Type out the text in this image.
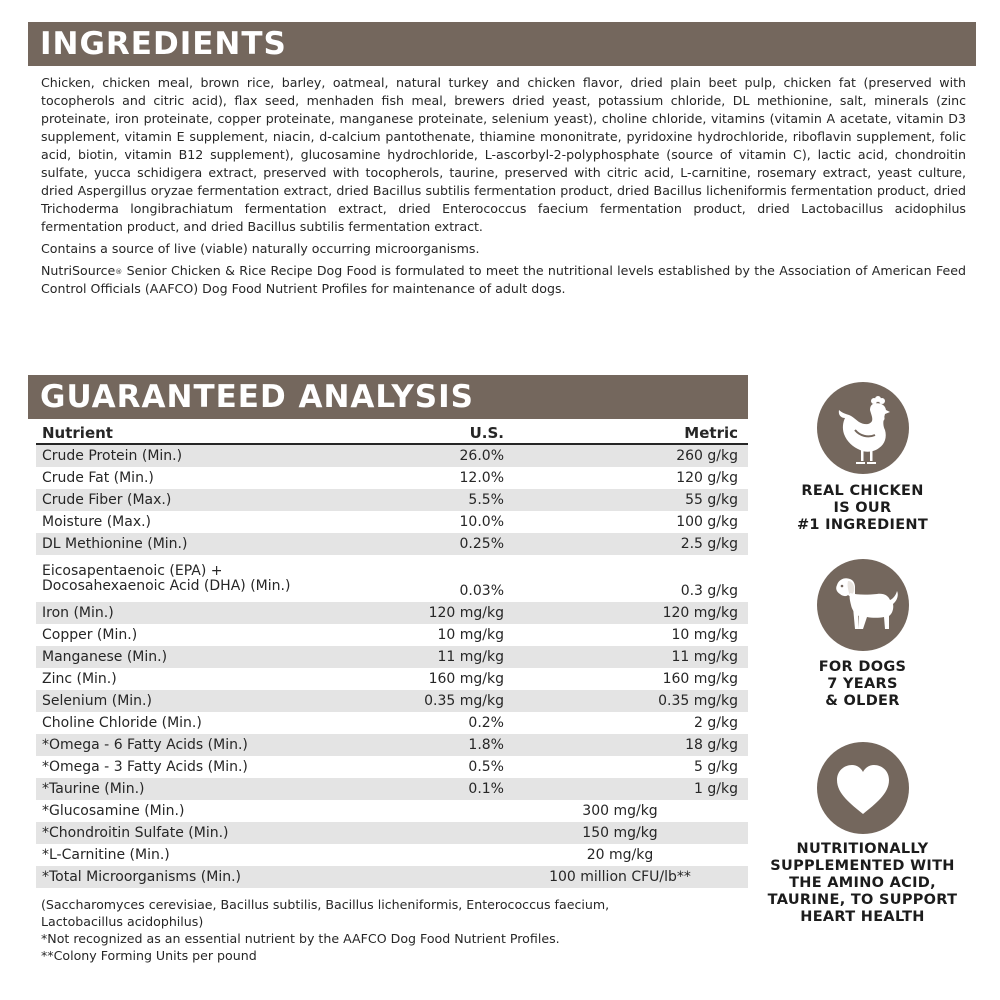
INGREDIENTS

Chicken, chicken meal, brown rice, barley, oatmeal, natural turkey and chicken flavor, dried plain beet pulp, chicken fat (preserved with tocopherols and citric acid), flax seed, menhaden fish meal, brewers dried yeast, potassium chloride, DL methionine, salt, minerals (zinc proteinate, iron proteinate, copper proteinate, manganese proteinate, selenium yeast), choline chloride, vitamins (vitamin A acetate, vitamin D3 supplement, vitamin E supplement, niacin, d-calcium pantothenate, thiamine mononitrate, pyridoxine hydrochloride, riboflavin supplement, folic acid, biotin, vitamin B12 supplement), glucosamine hydrochloride, L-ascorbyl-2-polyphosphate (source of vitamin C), lactic acid, chondroitin sulfate, yucca schidigera extract, preserved with tocopherols, taurine, preserved with citric acid, L-carnitine, rosemary extract, yeast culture, dried Aspergillus oryzae fermentation extract, dried Bacillus subtilis fermentation product, dried Bacillus licheniformis fermentation product, dried Trichoderma longibrachiatum fermentation extract, dried Enterococcus faecium fermentation product, dried Lactobacillus acidophilus fermentation product, and dried Bacillus subtilis fermentation extract.

Contains a source of live (viable) naturally occurring microorganisms.

NutriSource® Senior Chicken & Rice Recipe Dog Food is formulated to meet the nutritional levels established by the Association of American Feed Control Officials (AAFCO) Dog Food Nutrient Profiles for maintenance of adult dogs.

GUARANTEED ANALYSIS
Nutrient	U.S.	Metric
Crude Protein (Min.)	26.0%	260 g/kg
Crude Fat (Min.)	12.0%	120 g/kg
Crude Fiber (Max.)	5.5%	55 g/kg
Moisture (Max.)	10.0%	100 g/kg
DL Methionine (Min.)	0.25%	2.5 g/kg

Eicosapentaenoic (EPA) +
Docosahexaenoic Acid (DHA) (Min.)	0.03%	0.3 g/kg
Iron (Min.)	120 mg/kg	120 mg/kg
Copper (Min.)	10 mg/kg	10 mg/kg
Manganese (Min.)	11 mg/kg	11 mg/kg
Zinc (Min.)	160 mg/kg	160 mg/kg
Selenium (Min.)	0.35 mg/kg	0.35 mg/kg
Choline Chloride (Min.)	0.2%	2 g/kg
*Omega - 6 Fatty Acids (Min.)	1.8%	18 g/kg
*Omega - 3 Fatty Acids (Min.)	0.5%	5 g/kg
*Taurine (Min.)	0.1%	1 g/kg
*Glucosamine (Min.)	300 mg/kg	
*Chondroitin Sulfate (Min.)	150 mg/kg	
*L-Carnitine (Min.)	20 mg/kg	
*Total Microorganisms (Min.)	100 million CFU/lb**	
(Saccharomyces cerevisiae, Bacillus subtilis, Bacillus licheniformis, Enterococcus faecium,
Lactobacillus acidophilus)
*Not recognized as an essential nutrient by the AAFCO Dog Food Nutrient Profiles.
**Colony Forming Units per pound
REAL CHICKEN
IS OUR
#1 INGREDIENT
FOR DOGS
7 YEARS
& OLDER
NUTRITIONALLY
SUPPLEMENTED WITH
THE AMINO ACID,
TAURINE, TO SUPPORT
HEART HEALTH
